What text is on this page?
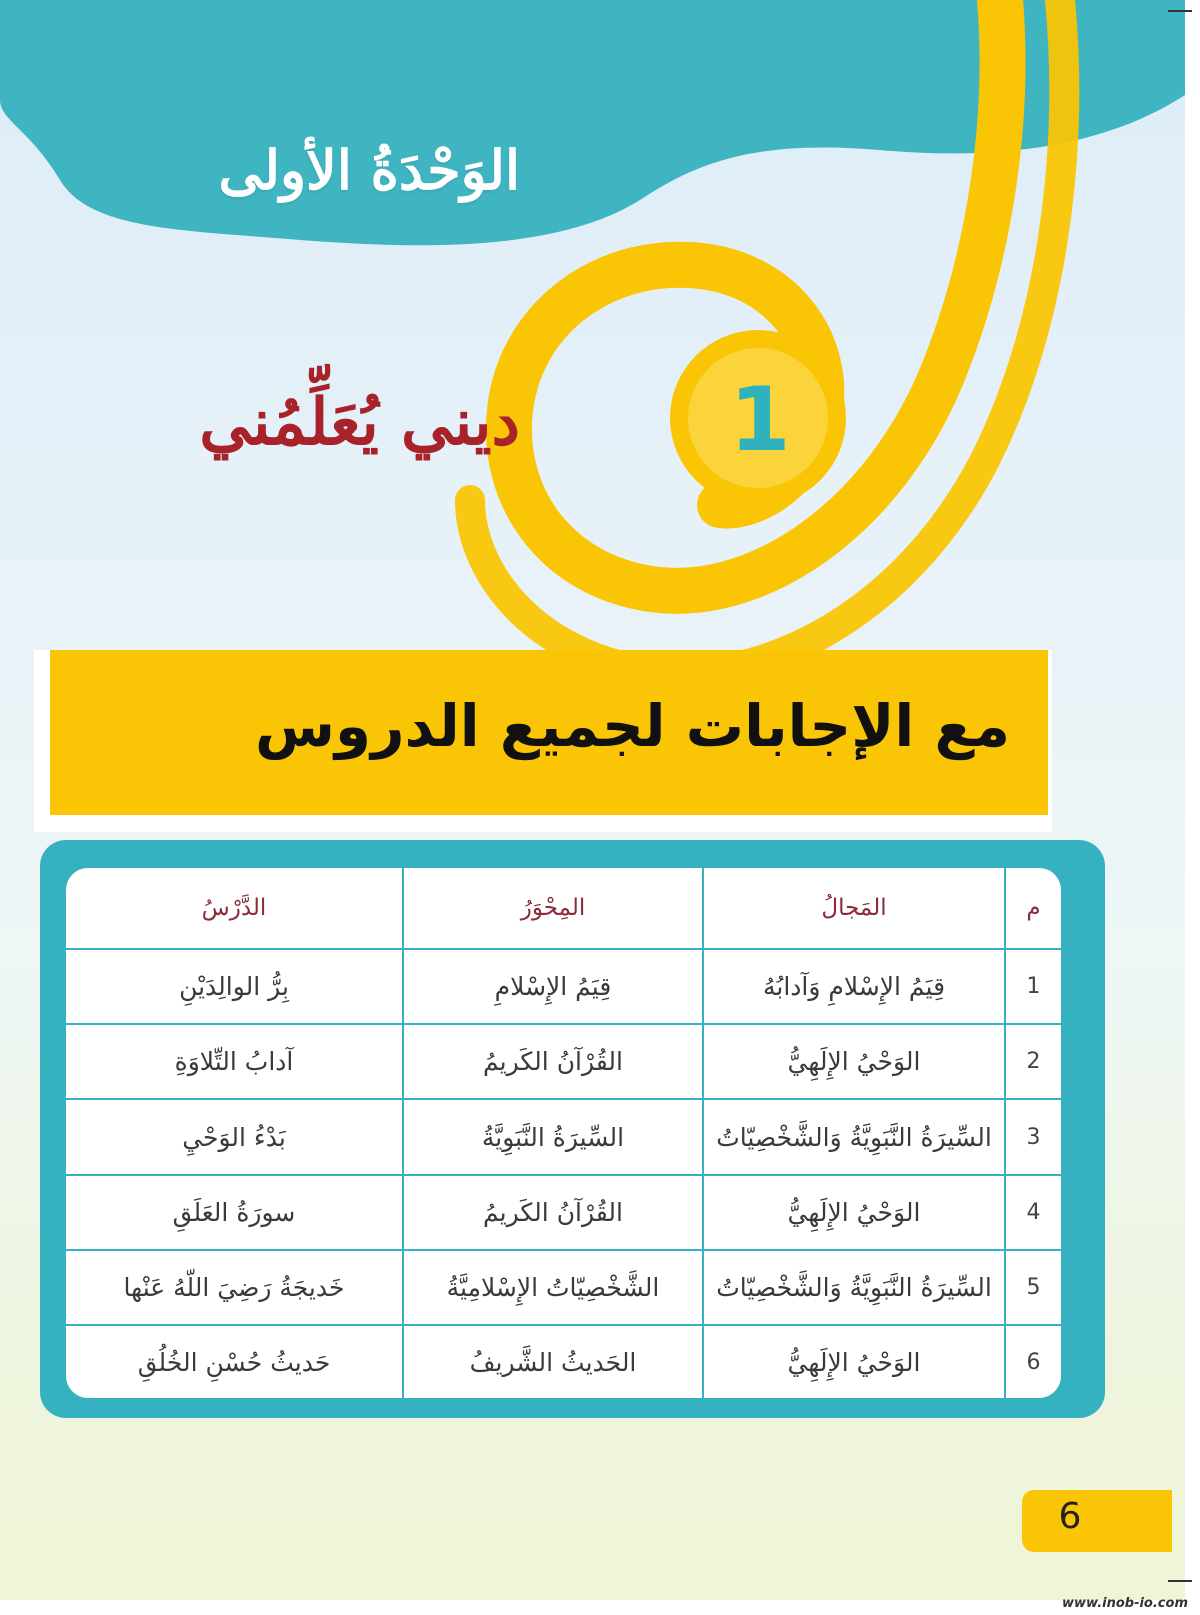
الوَحْدَةُ الأولى
ديني يُعَلِّمُني 1
مع الإجابات لجميع الدروس
م	المَجالُ	المِحْوَرُ	الدَّرْسُ
1	قِيَمُ الإِسْلامِ وَآدابُهُ	قِيَمُ الإِسْلامِ	بِرُّ الوالِدَيْنِ
2	الوَحْيُ الإِلَهِيُّ	القُرْآنُ الكَريمُ	آدابُ التِّلاوَةِ
3	السِّيرَةُ النَّبَوِيَّةُ وَالشَّخْصِيّاتُ	السِّيرَةُ النَّبَوِيَّةُ	بَدْءُ الوَحْيِ
4	الوَحْيُ الإِلَهِيُّ	القُرْآنُ الكَريمُ	سورَةُ العَلَقِ
5	السِّيرَةُ النَّبَوِيَّةُ وَالشَّخْصِيّاتُ	الشَّخْصِيّاتُ الإِسْلامِيَّةُ	خَديجَةُ رَضِيَ اللّهُ عَنْها
6	الوَحْيُ الإِلَهِيُّ	الحَديثُ الشَّريفُ	حَديثُ حُسْنِ الخُلُقِ
6
www.inob-io.com
